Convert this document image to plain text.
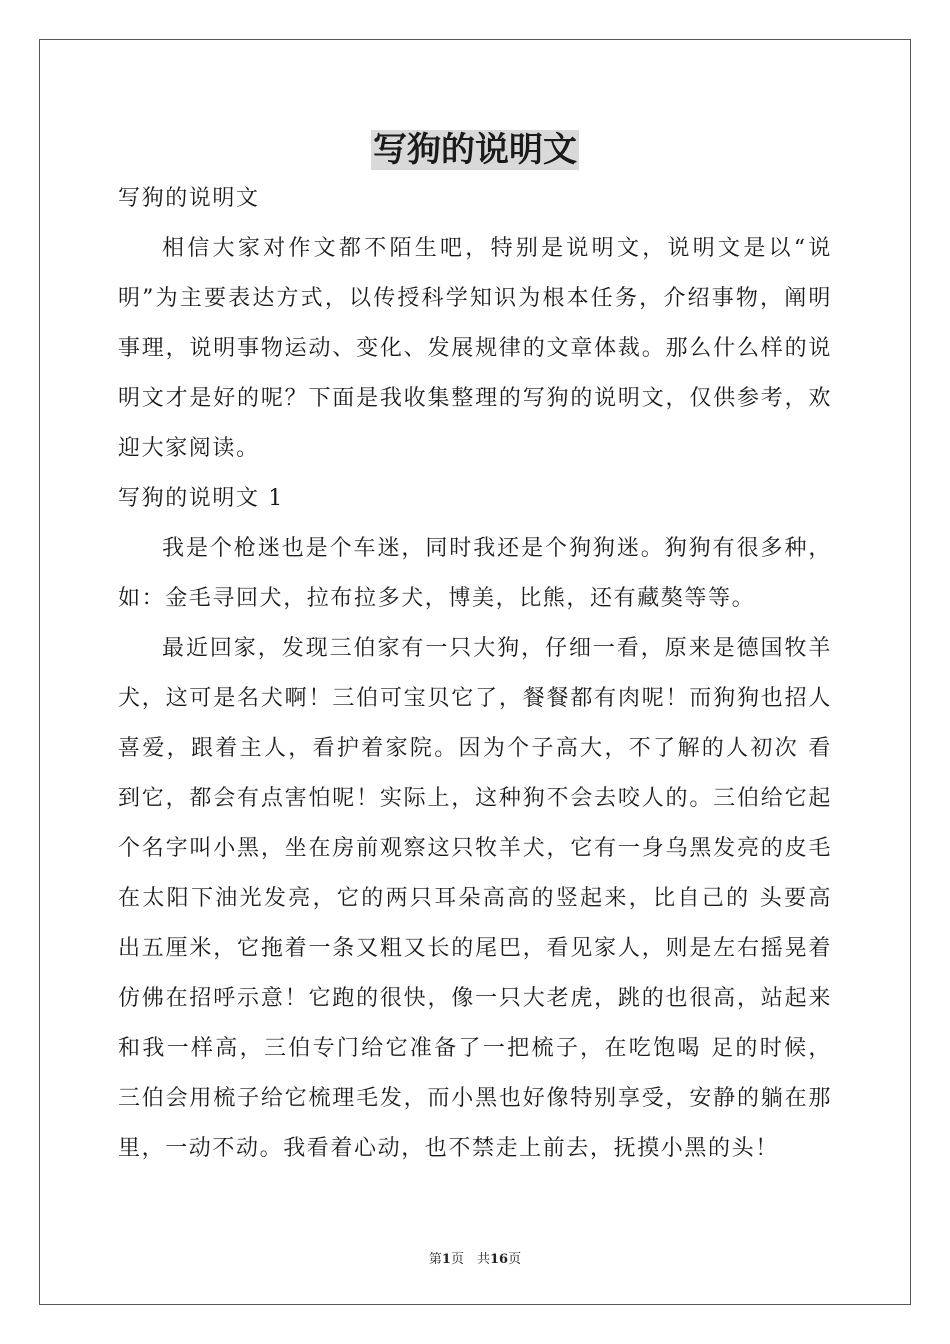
写狗的说明文

写狗的说明文

相信大家对作文都不陌生吧，特别是说明文，说明文是以“说明”为主要表达方式，以传授科学知识为根本任务，介绍事物，阐明事理，说明事物运动、变化、发展规律的文章体裁。那么什么样的说明文才是好的呢？下面是我收集整理的写狗的说明文，仅供参考，欢迎大家阅读。

写狗的说明文 1

我是个枪迷也是个车迷，同时我还是个狗狗迷。狗狗有很多种，如：金毛寻回犬，拉布拉多犬，博美，比熊，还有藏獒等等。

最近回家，发现三伯家有一只大狗，仔细一看，原来是德国牧羊犬，这可是名犬啊！三伯可宝贝它了，餐餐都有肉呢！而狗狗也招人喜爱，跟着主人，看护着家院。因为个子高大，不了解的人初次 看到它，都会有点害怕呢！实际上，这种狗不会去咬人的。三伯给它起个名字叫小黑，坐在房前观察这只牧羊犬，它有一身乌黑发亮的皮毛在太阳下油光发亮，它的两只耳朵高高的竖起来，比自己的 头要高出五厘米，它拖着一条又粗又长的尾巴，看见家人，则是左右摇晃着仿佛在招呼示意！它跑的很快，像一只大老虎，跳的也很高，站起来和我一样高，三伯专门给它准备了一把梳子，在吃饱喝 足的时候，三伯会用梳子给它梳理毛发，而小黑也好像特别享受，安静的躺在那里，一动不动。我看着心动，也不禁走上前去，抚摸小黑的头！

第1页　共16页
